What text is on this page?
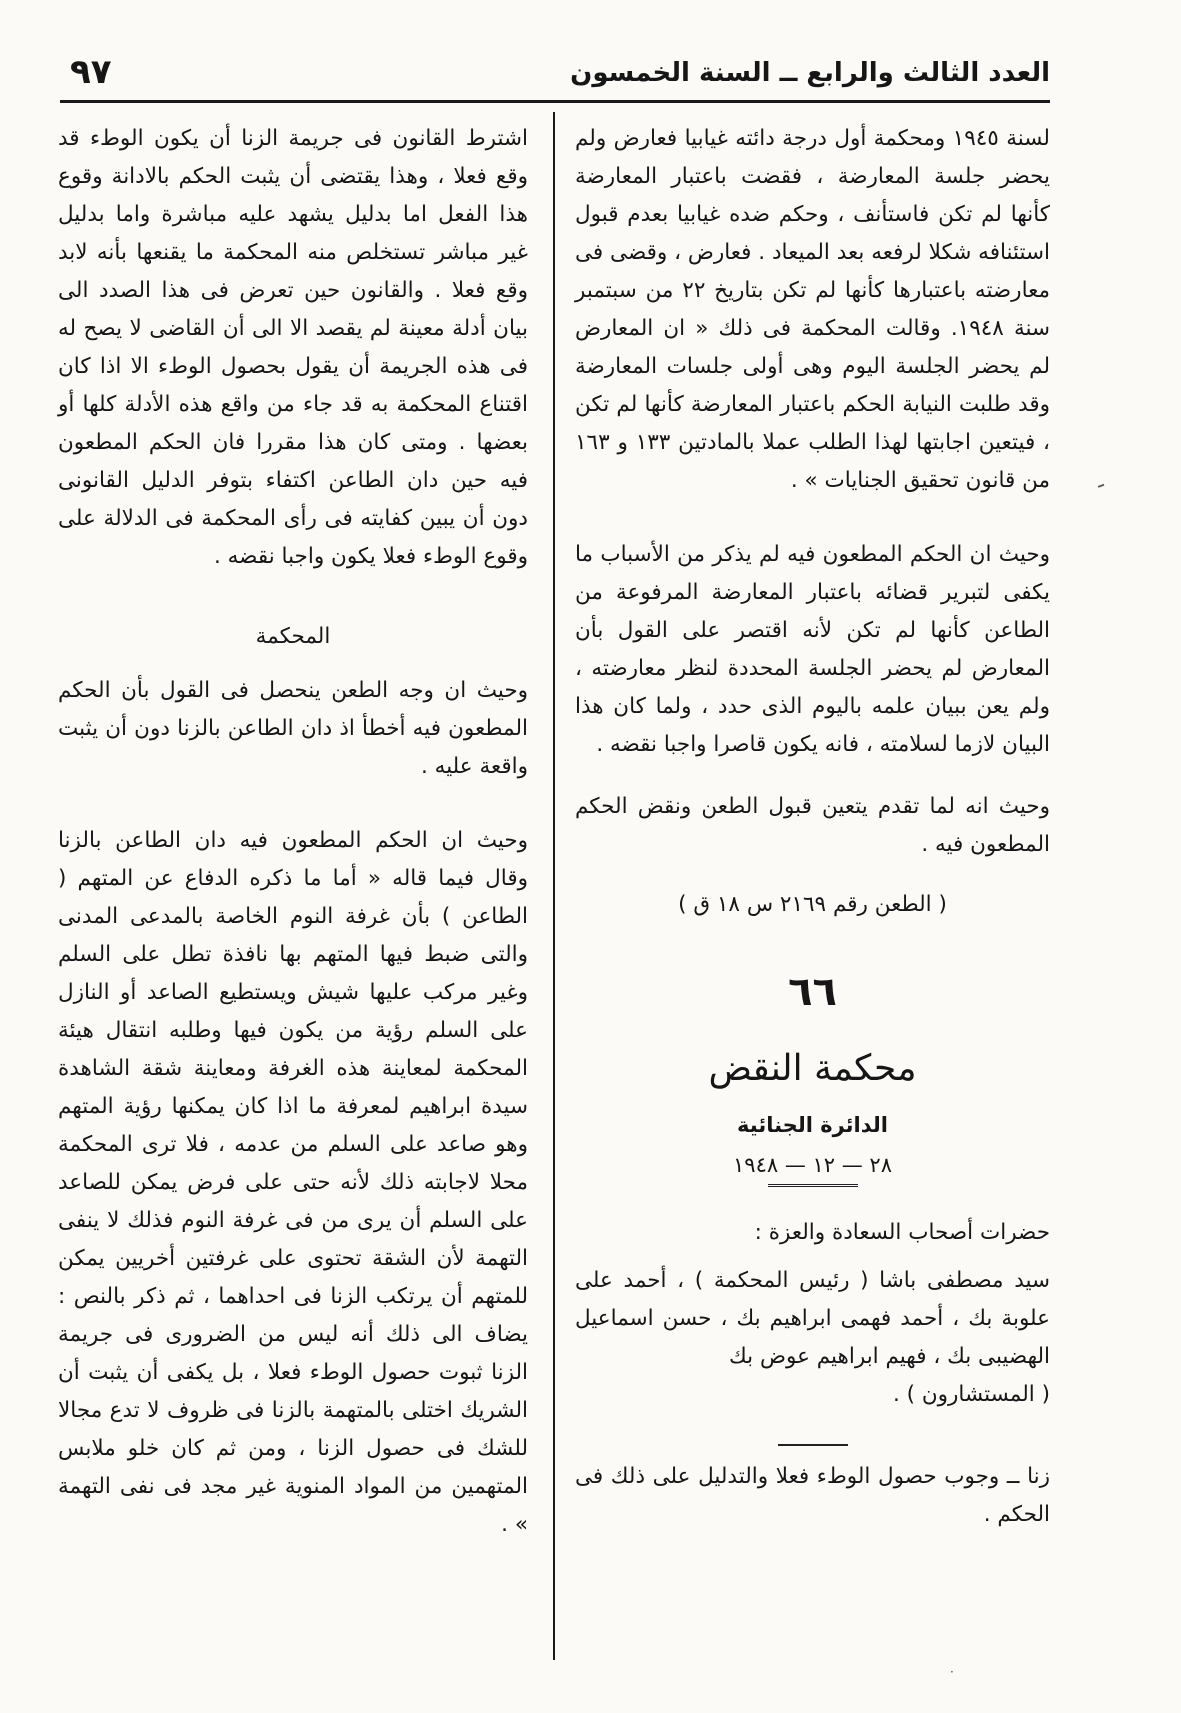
العدد الثالث والرابع ــ السنة الخمسون
٩٧

لسنة ١٩٤٥ ومحكمة أول درجة دائته غيابيا فعارض ولم يحضر جلسة المعارضة ، فقضت باعتبار المعارضة كأنها لم تكن فاستأنف ، وحكم ضده غيابيا بعدم قبول استئنافه شكلا لرفعه بعد الميعاد . فعارض ، وقضى فى معارضته باعتبارها كأنها لم تكن بتاريخ ٢٢ من سبتمبر سنة ١٩٤٨. وقالت المحكمة فى ذلك « ان المعارض لم يحضر الجلسة اليوم وهى أولى جلسات المعارضة وقد طلبت النيابة الحكم باعتبار المعارضة كأنها لم تكن ، فيتعين اجابتها لهذا الطلب عملا بالمادتين ١٣٣ و ١٦٣ من قانون تحقيق الجنايات » .

وحيث ان الحكم المطعون فيه لم يذكر من الأسباب ما يكفى لتبرير قضائه باعتبار المعارضة المرفوعة من الطاعن كأنها لم تكن لأنه اقتصر على القول بأن المعارض لم يحضر الجلسة المحددة لنظر معارضته ، ولم يعن ببيان علمه باليوم الذى حدد ، ولما كان هذا البيان لازما لسلامته ، فانه يكون قاصرا واجبا نقضه .

وحيث انه لما تقدم يتعين قبول الطعن ونقض الحكم المطعون فيه .

( الطعن رقم ٢١٦٩ س ١٨ ق )
٦٦
محكمة النقض
الدائرة الجنائية
٢٨ — ١٢ — ١٩٤٨

حضرات أصحاب السعادة والعزة :

سيد مصطفى باشا ( رئيس المحكمة ) ، أحمد على علوبة بك ، أحمد فهمى ابراهيم بك ، حسن اسماعيل الهضيبى بك ، فهيم ابراهيم عوض بك

( المستشارون ) .

زنا ــ وجوب حصول الوطء فعلا والتدليل على ذلك فى الحكم .

اشترط القانون فى جريمة الزنا أن يكون الوطء قد وقع فعلا ، وهذا يقتضى أن يثبت الحكم بالادانة وقوع هذا الفعل اما بدليل يشهد عليه مباشرة واما بدليل غير مباشر تستخلص منه المحكمة ما يقنعها بأنه لابد وقع فعلا . والقانون حين تعرض فى هذا الصدد الى بيان أدلة معينة لم يقصد الا الى أن القاضى لا يصح له فى هذه الجريمة أن يقول بحصول الوطء الا اذا كان اقتناع المحكمة به قد جاء من واقع هذه الأدلة كلها أو بعضها . ومتى كان هذا مقررا فان الحكم المطعون فيه حين دان الطاعن اكتفاء بتوفر الدليل القانونى دون أن يبين كفايته فى رأى المحكمة فى الدلالة على وقوع الوطء فعلا يكون واجبا نقضه .

المحكمة

وحيث ان وجه الطعن ينحصل فى القول بأن الحكم المطعون فيه أخطأ اذ دان الطاعن بالزنا دون أن يثبت واقعة عليه .

وحيث ان الحكم المطعون فيه دان الطاعن بالزنا وقال فيما قاله « أما ما ذكره الدفاع عن المتهم ( الطاعن ) بأن غرفة النوم الخاصة بالمدعى المدنى والتى ضبط فيها المتهم بها نافذة تطل على السلم وغير مركب عليها شيش ويستطيع الصاعد أو النازل على السلم رؤية من يكون فيها وطلبه انتقال هيئة المحكمة لمعاينة هذه الغرفة ومعاينة شقة الشاهدة سيدة ابراهيم لمعرفة ما اذا كان يمكنها رؤية المتهم وهو صاعد على السلم من عدمه ، فلا ترى المحكمة محلا لاجابته ذلك لأنه حتى على فرض يمكن للصاعد على السلم أن يرى من فى غرفة النوم فذلك لا ينفى التهمة لأن الشقة تحتوى على غرفتين أخريين يمكن للمتهم أن يرتكب الزنا فى احداهما ، ثم ذكر بالنص : يضاف الى ذلك أنه ليس من الضرورى فى جريمة الزنا ثبوت حصول الوطء فعلا ، بل يكفى أن يثبت أن الشريك اختلى بالمتهمة بالزنا فى ظروف لا تدع مجالا للشك فى حصول الزنا ، ومن ثم كان خلو ملابس المتهمين من المواد المنوية غير مجد فى نفى التهمة » .

ـ
·
